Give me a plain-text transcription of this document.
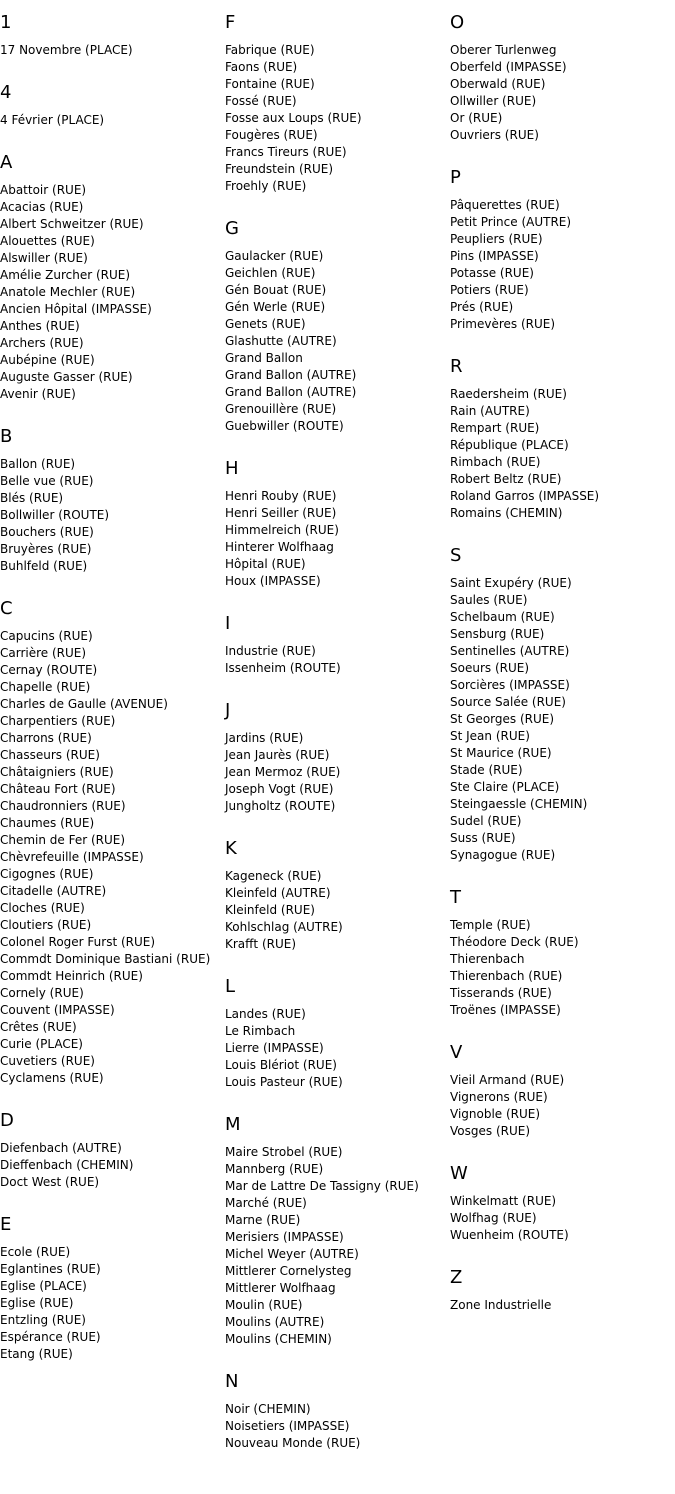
1
17 Novembre (PLACE)
4
4 Février (PLACE)
A
Abattoir (RUE)
Acacias (RUE)
Albert Schweitzer (RUE)
Alouettes (RUE)
Alswiller (RUE)
Amélie Zurcher (RUE)
Anatole Mechler (RUE)
Ancien Hôpital (IMPASSE)
Anthes (RUE)
Archers (RUE)
Aubépine (RUE)
Auguste Gasser (RUE)
Avenir (RUE)
B
Ballon (RUE)
Belle vue (RUE)
Blés (RUE)
Bollwiller (ROUTE)
Bouchers (RUE)
Bruyères (RUE)
Buhlfeld (RUE)
C
Capucins (RUE)
Carrière (RUE)
Cernay (ROUTE)
Chapelle (RUE)
Charles de Gaulle (AVENUE)
Charpentiers (RUE)
Charrons (RUE)
Chasseurs (RUE)
Châtaigniers (RUE)
Château Fort (RUE)
Chaudronniers (RUE)
Chaumes (RUE)
Chemin de Fer (RUE)
Chèvrefeuille (IMPASSE)
Cigognes (RUE)
Citadelle (AUTRE)
Cloches (RUE)
Cloutiers (RUE)
Colonel Roger Furst (RUE)
Commdt Dominique Bastiani (RUE)
Commdt Heinrich (RUE)
Cornely (RUE)
Couvent (IMPASSE)
Crêtes (RUE)
Curie (PLACE)
Cuvetiers (RUE)
Cyclamens (RUE)
D
Diefenbach (AUTRE)
Dieffenbach (CHEMIN)
Doct West (RUE)
E
Ecole (RUE)
Eglantines (RUE)
Eglise (PLACE)
Eglise (RUE)
Entzling (RUE)
Espérance (RUE)
Etang (RUE)
F
Fabrique (RUE)
Faons (RUE)
Fontaine (RUE)
Fossé (RUE)
Fosse aux Loups (RUE)
Fougères (RUE)
Francs Tireurs (RUE)
Freundstein (RUE)
Froehly (RUE)
G
Gaulacker (RUE)
Geichlen (RUE)
Gén Bouat (RUE)
Gén Werle (RUE)
Genets (RUE)
Glashutte (AUTRE)
Grand Ballon
Grand Ballon (AUTRE)
Grand Ballon (AUTRE)
Grenouillère (RUE)
Guebwiller (ROUTE)
H
Henri Rouby (RUE)
Henri Seiller (RUE)
Himmelreich (RUE)
Hinterer Wolfhaag
Hôpital (RUE)
Houx (IMPASSE)
I
Industrie (RUE)
Issenheim (ROUTE)
J
Jardins (RUE)
Jean Jaurès (RUE)
Jean Mermoz (RUE)
Joseph Vogt (RUE)
Jungholtz (ROUTE)
K
Kageneck (RUE)
Kleinfeld (AUTRE)
Kleinfeld (RUE)
Kohlschlag (AUTRE)
Krafft (RUE)
L
Landes (RUE)
Le Rimbach
Lierre (IMPASSE)
Louis Blériot (RUE)
Louis Pasteur (RUE)
M
Maire Strobel (RUE)
Mannberg (RUE)
Mar de Lattre De Tassigny (RUE)
Marché (RUE)
Marne (RUE)
Merisiers (IMPASSE)
Michel Weyer (AUTRE)
Mittlerer Cornelysteg
Mittlerer Wolfhaag
Moulin (RUE)
Moulins (AUTRE)
Moulins (CHEMIN)
N
Noir (CHEMIN)
Noisetiers (IMPASSE)
Nouveau Monde (RUE)
O
Oberer Turlenweg
Oberfeld (IMPASSE)
Oberwald (RUE)
Ollwiller (RUE)
Or (RUE)
Ouvriers (RUE)
P
Pâquerettes (RUE)
Petit Prince (AUTRE)
Peupliers (RUE)
Pins (IMPASSE)
Potasse (RUE)
Potiers (RUE)
Prés (RUE)
Primevères (RUE)
R
Raedersheim (RUE)
Rain (AUTRE)
Rempart (RUE)
République (PLACE)
Rimbach (RUE)
Robert Beltz (RUE)
Roland Garros (IMPASSE)
Romains (CHEMIN)
S
Saint Exupéry (RUE)
Saules (RUE)
Schelbaum (RUE)
Sensburg (RUE)
Sentinelles (AUTRE)
Soeurs (RUE)
Sorcières (IMPASSE)
Source Salée (RUE)
St Georges (RUE)
St Jean (RUE)
St Maurice (RUE)
Stade (RUE)
Ste Claire (PLACE)
Steingaessle (CHEMIN)
Sudel (RUE)
Suss (RUE)
Synagogue (RUE)
T
Temple (RUE)
Théodore Deck (RUE)
Thierenbach
Thierenbach (RUE)
Tisserands (RUE)
Troënes (IMPASSE)
V
Vieil Armand (RUE)
Vignerons (RUE)
Vignoble (RUE)
Vosges (RUE)
W
Winkelmatt (RUE)
Wolfhag (RUE)
Wuenheim (ROUTE)
Z
Zone Industrielle
